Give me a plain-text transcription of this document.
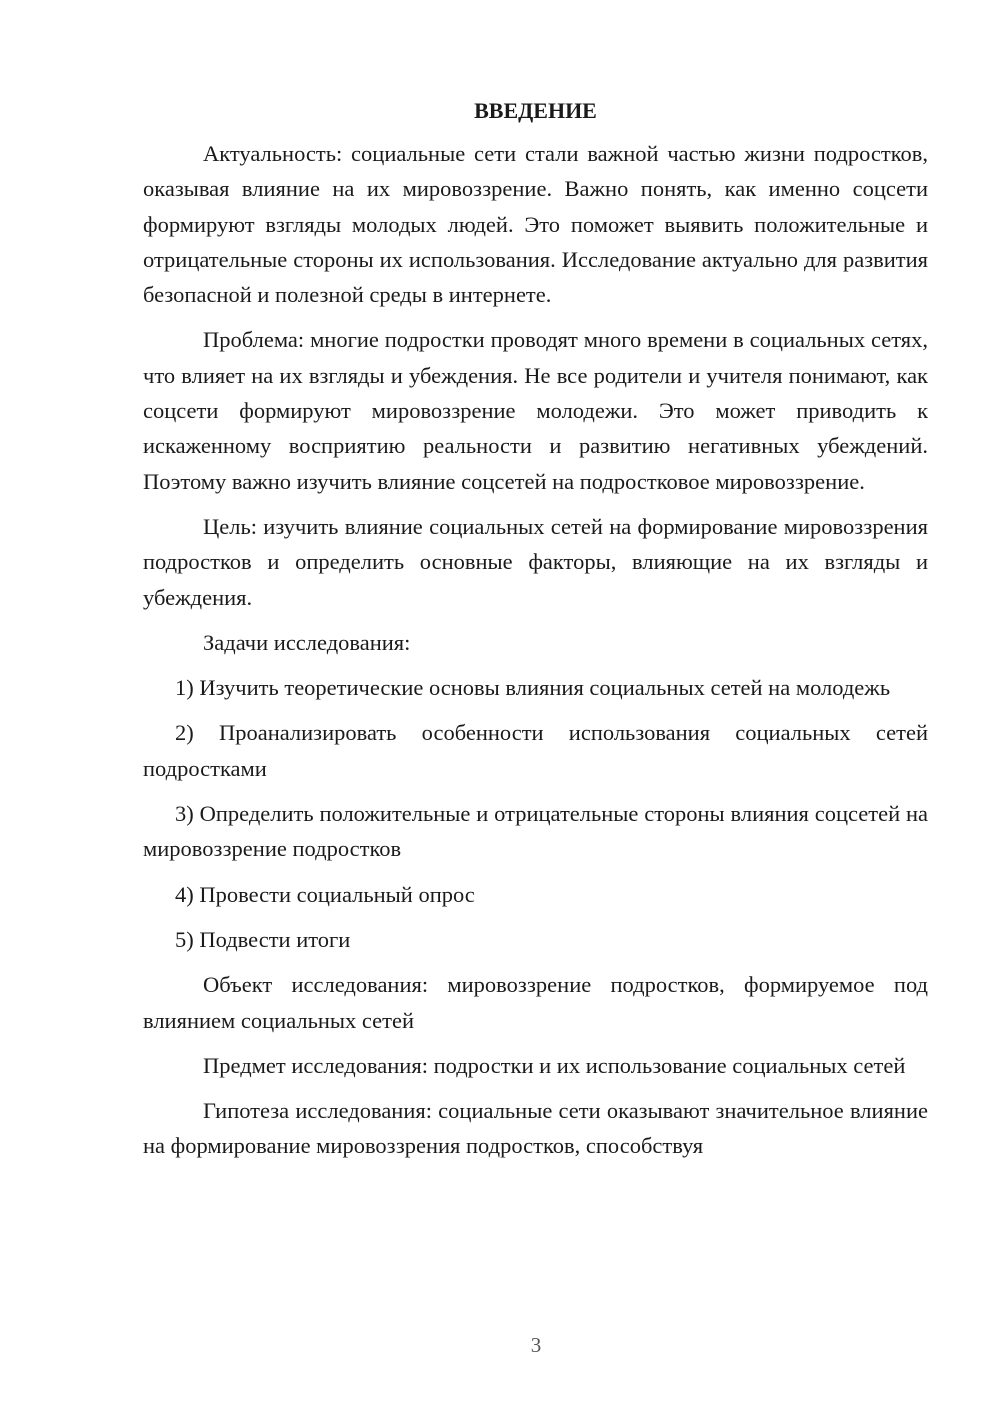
ВВЕДЕНИЕ

Актуальность: социальные сети стали важной частью жизни подростков, оказывая влияние на их мировоззрение. Важно понять, как именно соцсети формируют взгляды молодых людей. Это поможет выявить положительные и отрицательные стороны их использования. Исследование актуально для развития безопасной и полезной среды в интернете.

Проблема: многие подростки проводят много времени в социальных сетях, что влияет на их взгляды и убеждения. Не все родители и учителя понимают, как соцсети формируют мировоззрение молодежи. Это может приводить к искаженному восприятию реальности и развитию негативных убеждений. Поэтому важно изучить влияние соцсетей на подростковое мировоззрение.

Цель: изучить влияние социальных сетей на формирование мировоззрения подростков и определить основные факторы, влияющие на их взгляды и убеждения.

Задачи исследования:

1) Изучить теоретические основы влияния социальных сетей на молодежь

2) Проанализировать особенности использования социальных сетей подростками

3) Определить положительные и отрицательные стороны влияния соцсетей на мировоззрение подростков

4) Провести социальный опрос

5) Подвести итоги

Объект исследования: мировоззрение подростков, формируемое под влиянием социальных сетей

Предмет исследования: подростки и их использование социальных сетей

Гипотеза исследования: социальные сети оказывают значительное влияние на формирование мировоззрения подростков, способствуя

3
